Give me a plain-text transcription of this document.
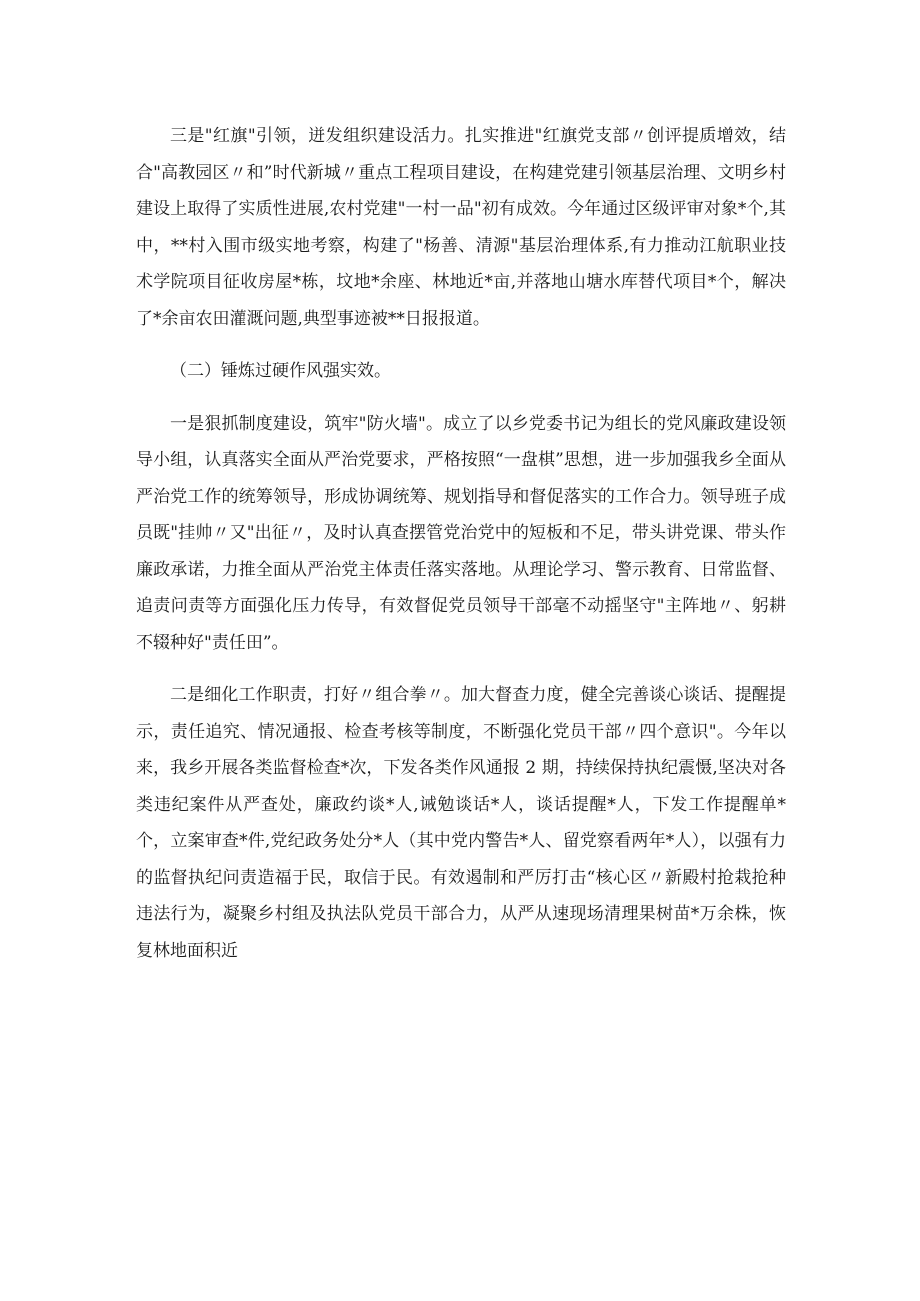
三是"红旗"引领，迸发组织建设活力。扎实推进"红旗党支部〃创评提质增效，结合"高教园区〃和”时代新城〃重点工程项目建设，在构建党建引领基层治理、文明乡村建设上取得了实质性进展,农村党建"一村一品"初有成效。今年通过区级评审对象*个,其中，**村入围市级实地考察，构建了"杨善、清源"基层治理体系,有力推动江航职业技术学院项目征收房屋*栋，坟地*余座、林地近*亩,并落地山塘水库替代项目*个，解决了*余亩农田灌溉问题,典型事迹被**日报报道。

（二）锤炼过硬作风强实效。

一是狠抓制度建设，筑牢"防火墙"。成立了以乡党委书记为组长的党风廉政建设领导小组，认真落实全面从严治党要求，严格按照“一盘棋”思想，进一步加强我乡全面从严治党工作的统筹领导，形成协调统筹、规划指导和督促落实的工作合力。领导班子成员既"挂帅〃又"出征〃，及时认真查摆管党治党中的短板和不足，带头讲党课、带头作廉政承诺，力推全面从严治党主体责任落实落地。从理论学习、警示教育、日常监督、追责问责等方面强化压力传导，有效督促党员领导干部毫不动摇坚守"主阵地〃、躬耕不辍种好"责任田”。

二是细化工作职责，打好〃组合拳〃。加大督查力度，健全完善谈心谈话、提醒提示，责任追究、情况通报、检查考核等制度，不断强化党员干部〃四个意识"。今年以来，我乡开展各类监督检查*次，下发各类作风通报 2 期，持续保持执纪震慑,坚决对各类违纪案件从严查处，廉政约谈*人,诫勉谈话*人，谈话提醒*人，下发工作提醒单*个，立案审查*件,党纪政务处分*人（其中党内警告*人、留党察看两年*人），以强有力的监督执纪问责造福于民，取信于民。有效遏制和严厉打击“核心区〃新殿村抢栽抢种违法行为，凝聚乡村组及执法队党员干部合力，从严从速现场清理果树苗*万余株，恢复林地面积近
